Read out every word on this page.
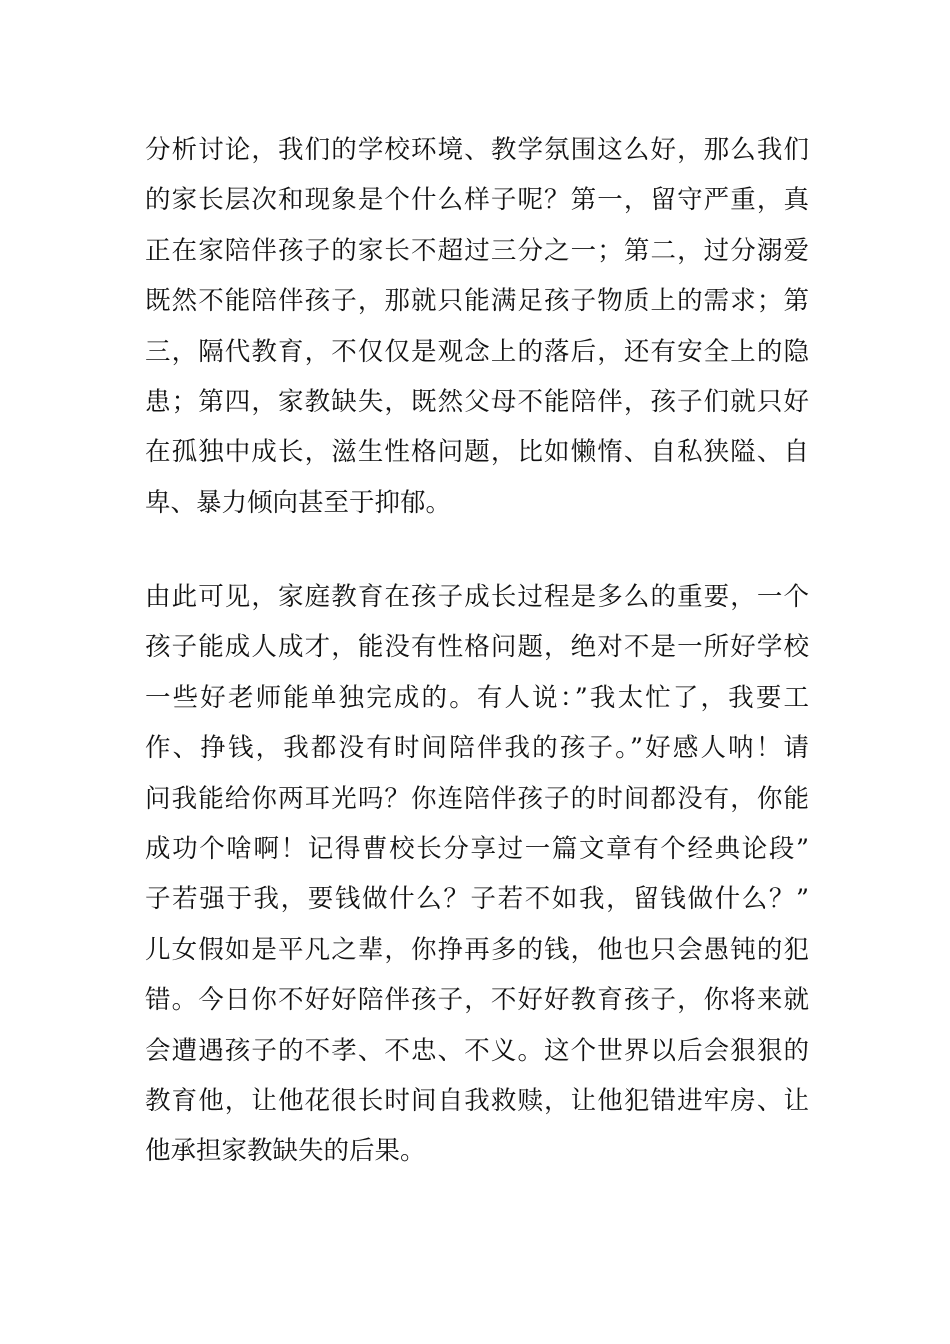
分析讨论，我们的学校环境、教学氛围这么好，那么我们
的家长层次和现象是个什么样子呢？第一，留守严重，真
正在家陪伴孩子的家长不超过三分之一；第二，过分溺爱
既然不能陪伴孩子，那就只能满足孩子物质上的需求；第
三，隔代教育，不仅仅是观念上的落后，还有安全上的隐
患；第四，家教缺失，既然父母不能陪伴，孩子们就只好
在孤独中成长，滋生性格问题，比如懒惰、自私狭隘、自
卑、暴力倾向甚至于抑郁。
由此可见，家庭教育在孩子成长过程是多么的重要，一个
孩子能成人成才，能没有性格问题，绝对不是一所好学校
一些好老师能单独完成的。有人说：”我太忙了，我要工
作、挣钱，我都没有时间陪伴我的孩子。”好感人呐！请
问我能给你两耳光吗？你连陪伴孩子的时间都没有，你能
成功个啥啊！记得曹校长分享过一篇文章有个经典论段”
子若强于我，要钱做什么？子若不如我，留钱做什么？”
儿女假如是平凡之辈，你挣再多的钱，他也只会愚钝的犯
错。今日你不好好陪伴孩子，不好好教育孩子，你将来就
会遭遇孩子的不孝、不忠、不义。这个世界以后会狠狠的
教育他，让他花很长时间自我救赎，让他犯错进牢房、让
他承担家教缺失的后果。
